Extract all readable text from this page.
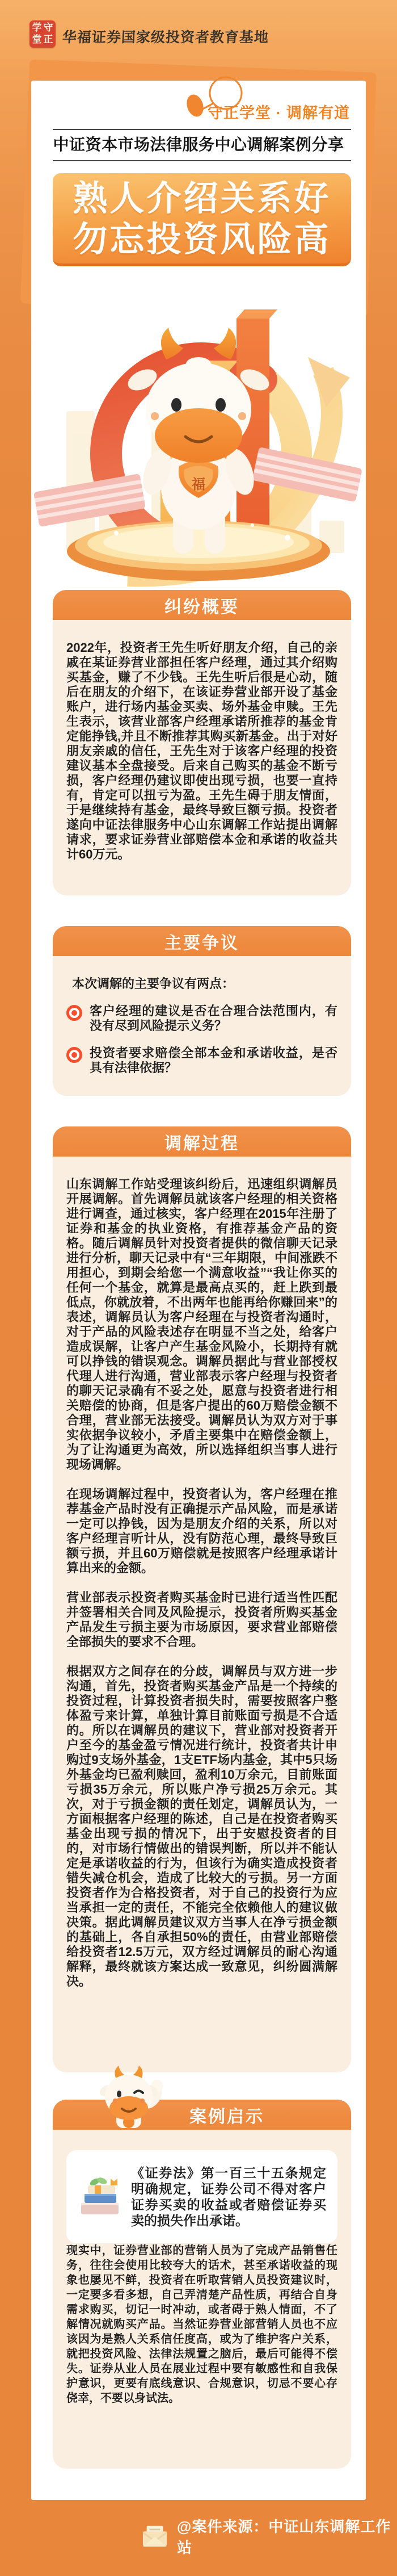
学 守
堂 正 华福证券国家级投资者教育基地
守正学堂 · 调解有道
中证资本市场法律服务中心调解案例分享
熟人介绍关系好
勿忘投资风险高
福
纠纷概要

2022年，投资者王先生听好朋友介绍，自己的亲戚在某证券营业部担任客户经理，通过其介绍购买基金，赚了不少钱。王先生听后很是心动，随后在朋友的介绍下，在该证券营业部开设了基金账户，进行场内基金买卖、场外基金申赎。王先生表示，该营业部客户经理承诺所推荐的基金肯定能挣钱,并且不断推荐其购买新基金。出于对好朋友亲戚的信任，王先生对于该客户经理的投资建议基本全盘接受。后来自己购买的基金不断亏损，客户经理仍建议即使出现亏损，也要一直持有，肯定可以扭亏为盈。王先生碍于朋友情面，于是继续持有基金，最终导致巨额亏损。投资者遂向中证法律服务中心山东调解工作站提出调解请求，要求证券营业部赔偿本金和承诺的收益共计60万元。

主要争议
本次调解的主要争议有两点：
客户经理的建议是否在合理合法范围内，有没有尽到风险提示义务？
投资者要求赔偿全部本金和承诺收益，是否具有法律依据？
调解过程

山东调解工作站受理该纠纷后，迅速组织调解员开展调解。首先调解员就该客户经理的相关资格进行调查，通过核实，客户经理在2015年注册了证券和基金的执业资格，有推荐基金产品的资格。随后调解员针对投资者提供的微信聊天记录进行分析，聊天记录中有“三年期限，中间涨跌不用担心，到期会给您一个满意收益”“我让你买的任何一个基金，就算是最高点买的，赶上跌到最低点，你就放着，不出两年也能再给你赚回来”的表述，调解员认为客户经理在与投资者沟通时，对于产品的风险表述存在明显不当之处，给客户造成误解，让客户产生基金风险小，长期持有就可以挣钱的错误观念。调解员据此与营业部授权代理人进行沟通，营业部表示客户经理与投资者的聊天记录确有不妥之处，愿意与投资者进行相关赔偿的协商，但是客户提出的60万赔偿金额不合理，营业部无法接受。调解员认为双方对于事实依据争议较小，矛盾主要集中在赔偿金额上，为了让沟通更为高效，所以选择组织当事人进行现场调解。

在现场调解过程中，投资者认为，客户经理在推荐基金产品时没有正确提示产品风险，而是承诺一定可以挣钱，因为是朋友介绍的关系，所以对客户经理言听计从，没有防范心理，最终导致巨额亏损，并且60万赔偿就是按照客户经理承诺计算出来的金额。

营业部表示投资者购买基金时已进行适当性匹配并签署相关合同及风险提示，投资者所购买基金产品发生亏损主要为市场原因，要求营业部赔偿全部损失的要求不合理。

根据双方之间存在的分歧，调解员与双方进一步沟通，首先，投资者购买基金产品是一个持续的投资过程，计算投资者损失时，需要按照客户整体盈亏来计算，单独计算目前账面亏损是不合适的。所以在调解员的建议下，营业部对投资者开户至今的基金盈亏情况进行统计，投资者共计申购过9支场外基金，1支ETF场内基金，其中5只场外基金均已盈利赎回，盈利10万余元，目前账面亏损35万余元，所以账户净亏损25万余元。其次，对于亏损金额的责任划定，调解员认为，一方面根据客户经理的陈述，自己是在投资者购买基金出现亏损的情况下，出于安慰投资者的目的，对市场行情做出的错误判断，所以并不能认定是承诺收益的行为，但该行为确实造成投资者错失减仓机会，造成了比较大的亏损。另一方面投资者作为合格投资者，对于自己的投资行为应当承担一定的责任，不能完全依赖他人的建议做决策。据此调解员建议双方当事人在净亏损金额的基础上，各自承担50%的责任，由营业部赔偿给投资者12.5万元，双方经过调解员的耐心沟通解释，最终就该方案达成一致意见，纠纷圆满解决。

案例启示
《证券法》第一百三十五条规定明确规定，证券公司不得对客户证券买卖的收益或者赔偿证券买卖的损失作出承诺。

现实中，证券营业部的营销人员为了完成产品销售任务，往往会使用比较夸大的话术，甚至承诺收益的现象也屡见不鲜，投资者在听取营销人员投资建议时，一定要多看多想，自己弄清楚产品性质，再结合自身需求购买，切记一时冲动，或者碍于熟人情面，不了解情况就购买产品。当然证券营业部营销人员也不应该因为是熟人关系信任度高，或为了维护客户关系，就把投资风险、法律法规置之脑后，最后可能得不偿失。证券从业人员在展业过程中要有敏感性和自我保护意识，更要有底线意识、合规意识，切忌不要心存侥幸，不要以身试法。

@案件来源：中证山东调解工作站
